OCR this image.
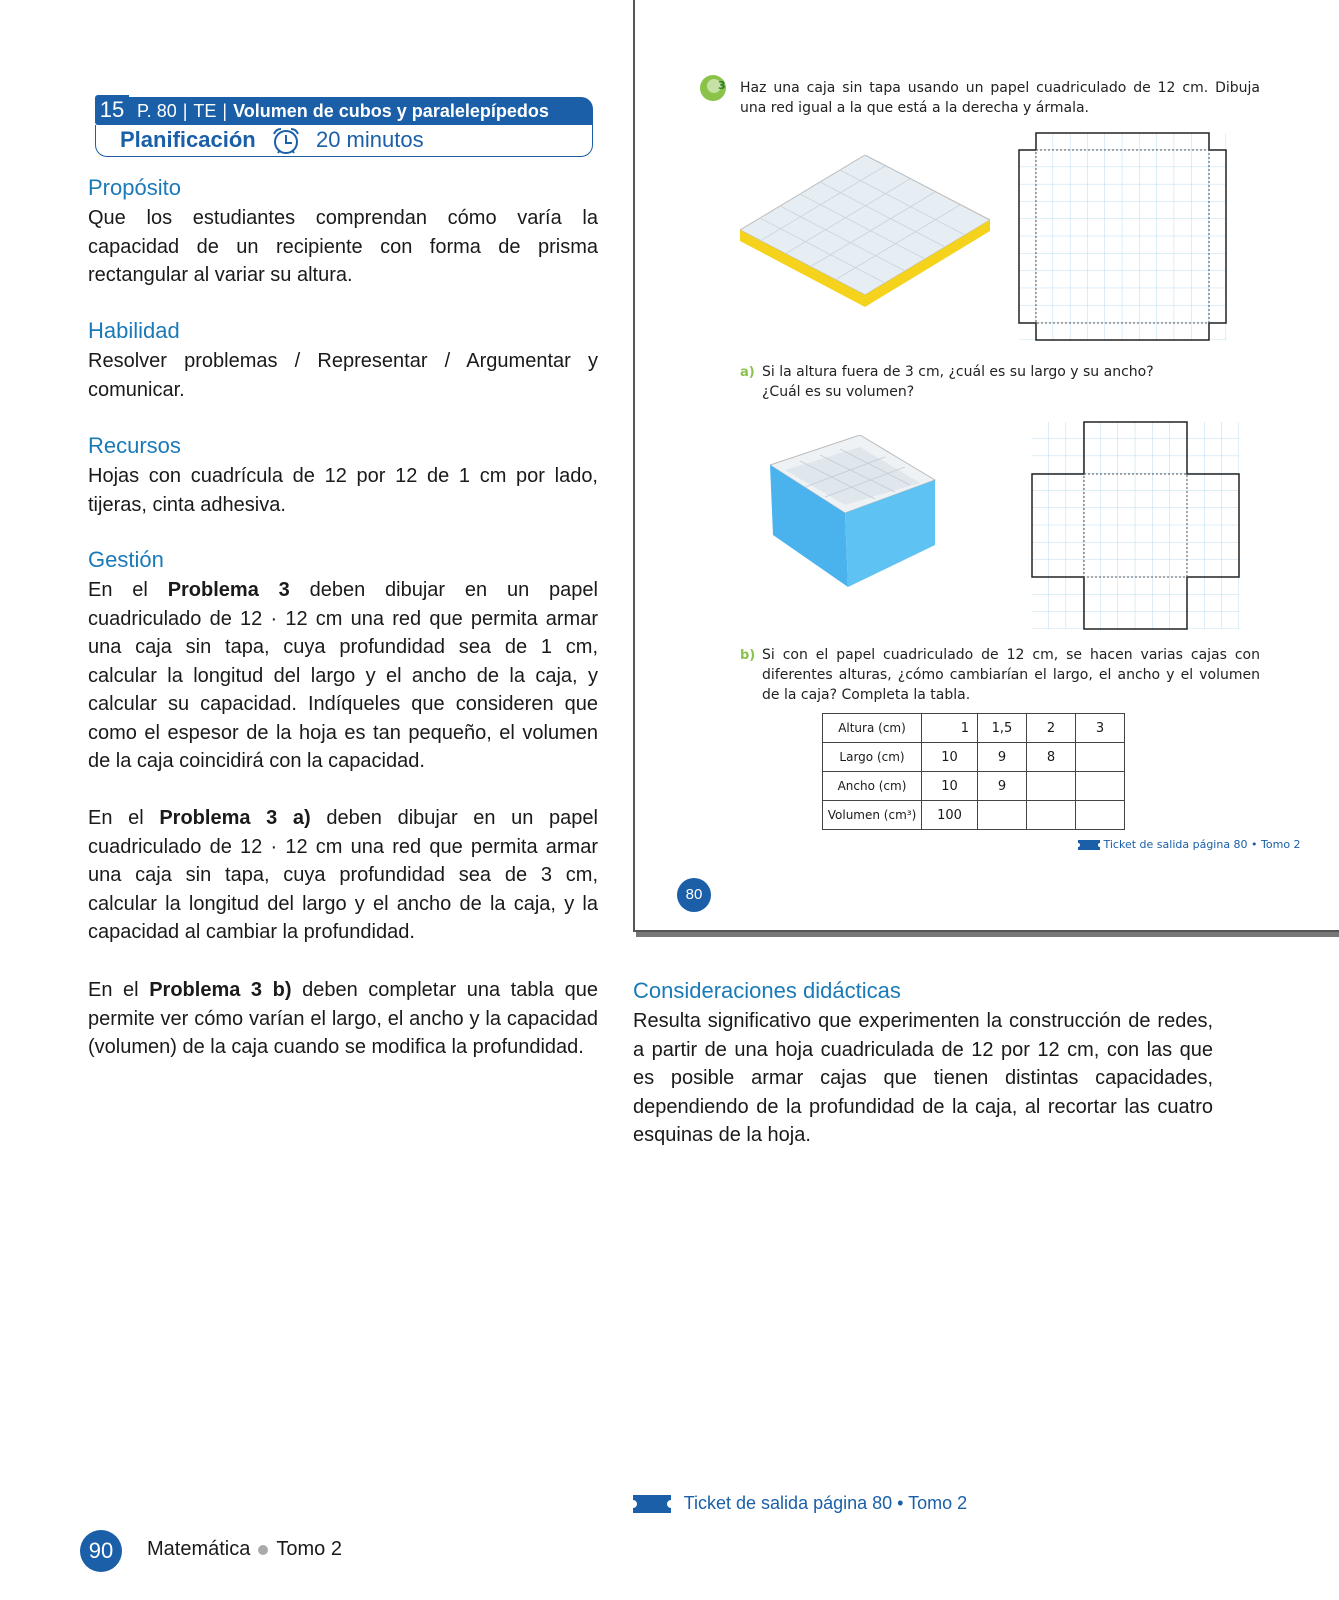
15 P. 80 | TE | Volumen de cubos y paralelepípedos
Planificación	20 minutos
Propósito
Que los estudiantes comprendan cómo varía la capacidad de un recipiente con forma de prisma rectangular al variar su altura.
Habilidad
Resolver problemas / Representar / Argumentar y comunicar.
Recursos
Hojas con cuadrícula de 12 por 12 de 1 cm por lado, tijeras, cinta adhesiva.
Gestión
En el Problema 3 deben dibujar en un papel cuadriculado de 12 · 12 cm una red que permita armar una caja sin tapa, cuya profundidad sea de 1 cm, calcular la longitud del largo y el ancho de la caja, y calcular su capacidad. Indíqueles que consideren que como el espesor de la hoja es tan pequeño, el volumen de la caja coincidirá con la capacidad.
En el Problema 3 a) deben dibujar en un papel cuadriculado de 12 · 12 cm una red que permita armar una caja sin tapa, cuya profundidad sea de 3 cm, calcular la longitud del largo y el ancho de la caja, y la capacidad al cambiar la profundidad.
En el Problema 3 b) deben completar una tabla que permite ver cómo varían el largo, el ancho y la capacidad (volumen) de la caja cuando se modifica la profundidad.
3 Haz una caja sin tapa usando un papel cuadriculado de 12 cm. Dibuja una red igual a la que está a la derecha y ármala.
a) Si la altura fuera de 3 cm, ¿cuál es su largo y su ancho? ¿Cuál es su volumen?
b) Si con el papel cuadriculado de 12 cm, se hacen varias cajas con diferentes alturas, ¿cómo cambiarían el largo, el ancho y el volumen de la caja? Completa la tabla.
Altura (cm)	1	1,5	2	3
Largo (cm)	10	9	8	
Ancho (cm)	10	9		
Volumen (cm³)	100			
Ticket de salida página 80 • Tomo 2
80
Consideraciones didácticas
Resulta significativo que experimenten la construcción de redes, a partir de una hoja cuadriculada de 12 por 12 cm, con las que es posible armar cajas que tienen distintas capacidades, dependiendo de la profundidad de la caja, al recortar las cuatro esquinas de la hoja.
Ticket de salida página 80 • Tomo 2
90	Matemática Tomo 2
